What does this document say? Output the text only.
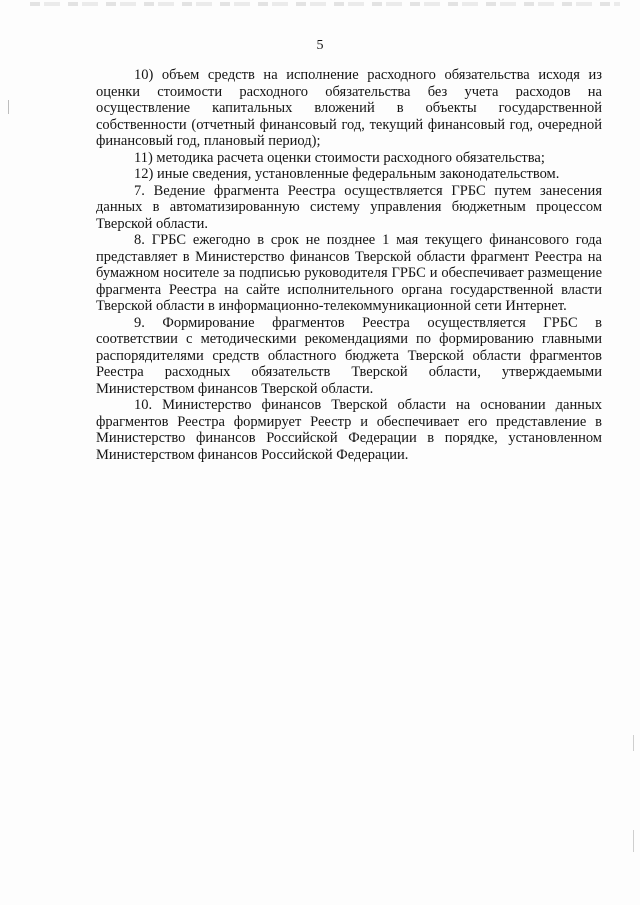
5

10) объем средств на исполнение расходного обязательства исходя из оценки стоимости расходного обязательства без учета расходов на осуществление капитальных вложений в объекты государственной собственности (отчетный финансовый год, текущий финансовый год, очередной финансовый год, плановый период);

11) методика расчета оценки стоимости расходного обязательства;

12) иные сведения, установленные федеральным законодательством.

7. Ведение фрагмента Реестра осуществляется ГРБС путем занесения данных в автоматизированную систему управления бюджетным процессом Тверской области.

8. ГРБС ежегодно в срок не позднее 1 мая текущего финансового года представляет в Министерство финансов Тверской области фрагмент Реестра на бумажном носителе за подписью руководителя ГРБС и обеспечивает размещение фрагмента Реестра на сайте исполнительного органа государственной власти Тверской области в информационно-телекоммуникационной сети Интернет.

9. Формирование фрагментов Реестра осуществляется ГРБС в соответствии с методическими рекомендациями по формированию главными распорядителями средств областного бюджета Тверской области фрагментов Реестра расходных обязательств Тверской области, утверждаемыми Министерством финансов Тверской области.

10. Министерство финансов Тверской области на основании данных фрагментов Реестра формирует Реестр и обеспечивает его представление в Министерство финансов Российской Федерации в порядке, установленном Министерством финансов Российской Федерации.
